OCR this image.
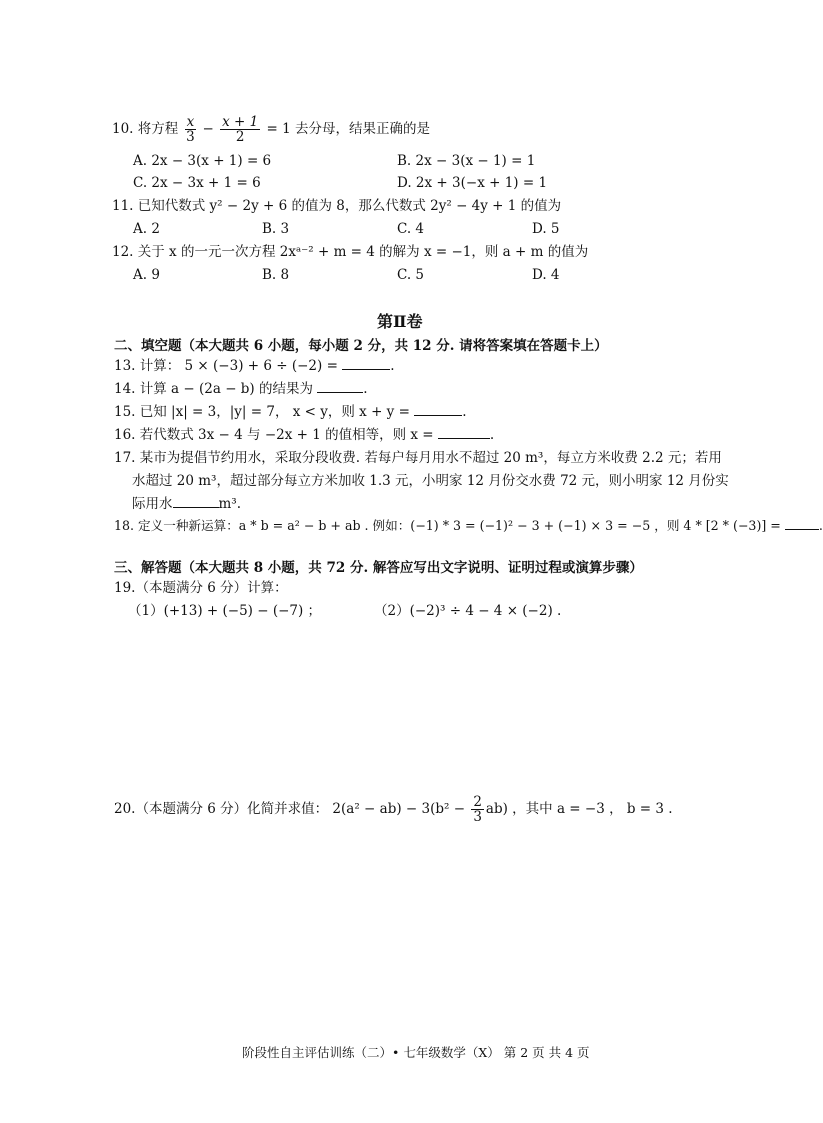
10. 将方程 $\frac{x}{3} - \frac{x + 1}{2} = 1$ 去分母，结果正确的是
A. 2x − 3(x + 1) = 6	B. 2x − 3(x − 1) = 1
C. 2x − 3x + 1 = 6	D. 2x + 3(−x + 1) = 1
11. 已知代数式 y² − 2y + 6 的值为 8，那么代数式 2y² − 4y + 1 的值为
A. 2	B. 3	C. 4	D. 5
12. 关于 x 的一元一次方程 2xᵃ⁻² + m = 4 的解为 x = −1，则 a + m 的值为
A. 9	B. 8	C. 5	D. 4
第Ⅱ卷
二、填空题（本大题共 6 小题，每小题 2 分，共 12 分. 请将答案填在答题卡上）
13. 计算： 5 × (−3) + 6 ÷ (−2) =	.
14. 计算 a − (2a − b) 的结果为	.
15. 已知 |x| = 3，|y| = 7， x < y，则 x + y =	.
16. 若代数式 3x − 4 与 −2x + 1 的值相等，则 x =	.
17. 某市为提倡节约用水，采取分段收费. 若每户每月用水不超过 20 m³，每立方米收费 2.2 元；若用
水超过 20 m³，超过部分每立方米加收 1.3 元，小明家 12 月份交水费 72 元，则小明家 12 月份实
际用水	m³.
18. 定义一种新运算：a * b = a² − b + ab . 例如：(−1) * 3 = (−1)² − 3 + (−1) × 3 = −5 ，则 4 * [2 * (−3)] =	.
三、解答题（本大题共 8 小题，共 72 分. 解答应写出文字说明、证明过程或演算步骤）
19.（本题满分 6 分）计算：
（1）(+13) + (−5) − (−7) ；	（2）(−2)³ ÷ 4 − 4 × (−2) .
20.（本题满分 6 分）化简并求值： $2(a^2 - ab) - 3(b^2 - \frac{2}{3} ab)$ ，其中 a = −3 ， b = 3 .
阶段性自主评估训练（二）• 七年级数学（X） 第 2 页 共 4 页
